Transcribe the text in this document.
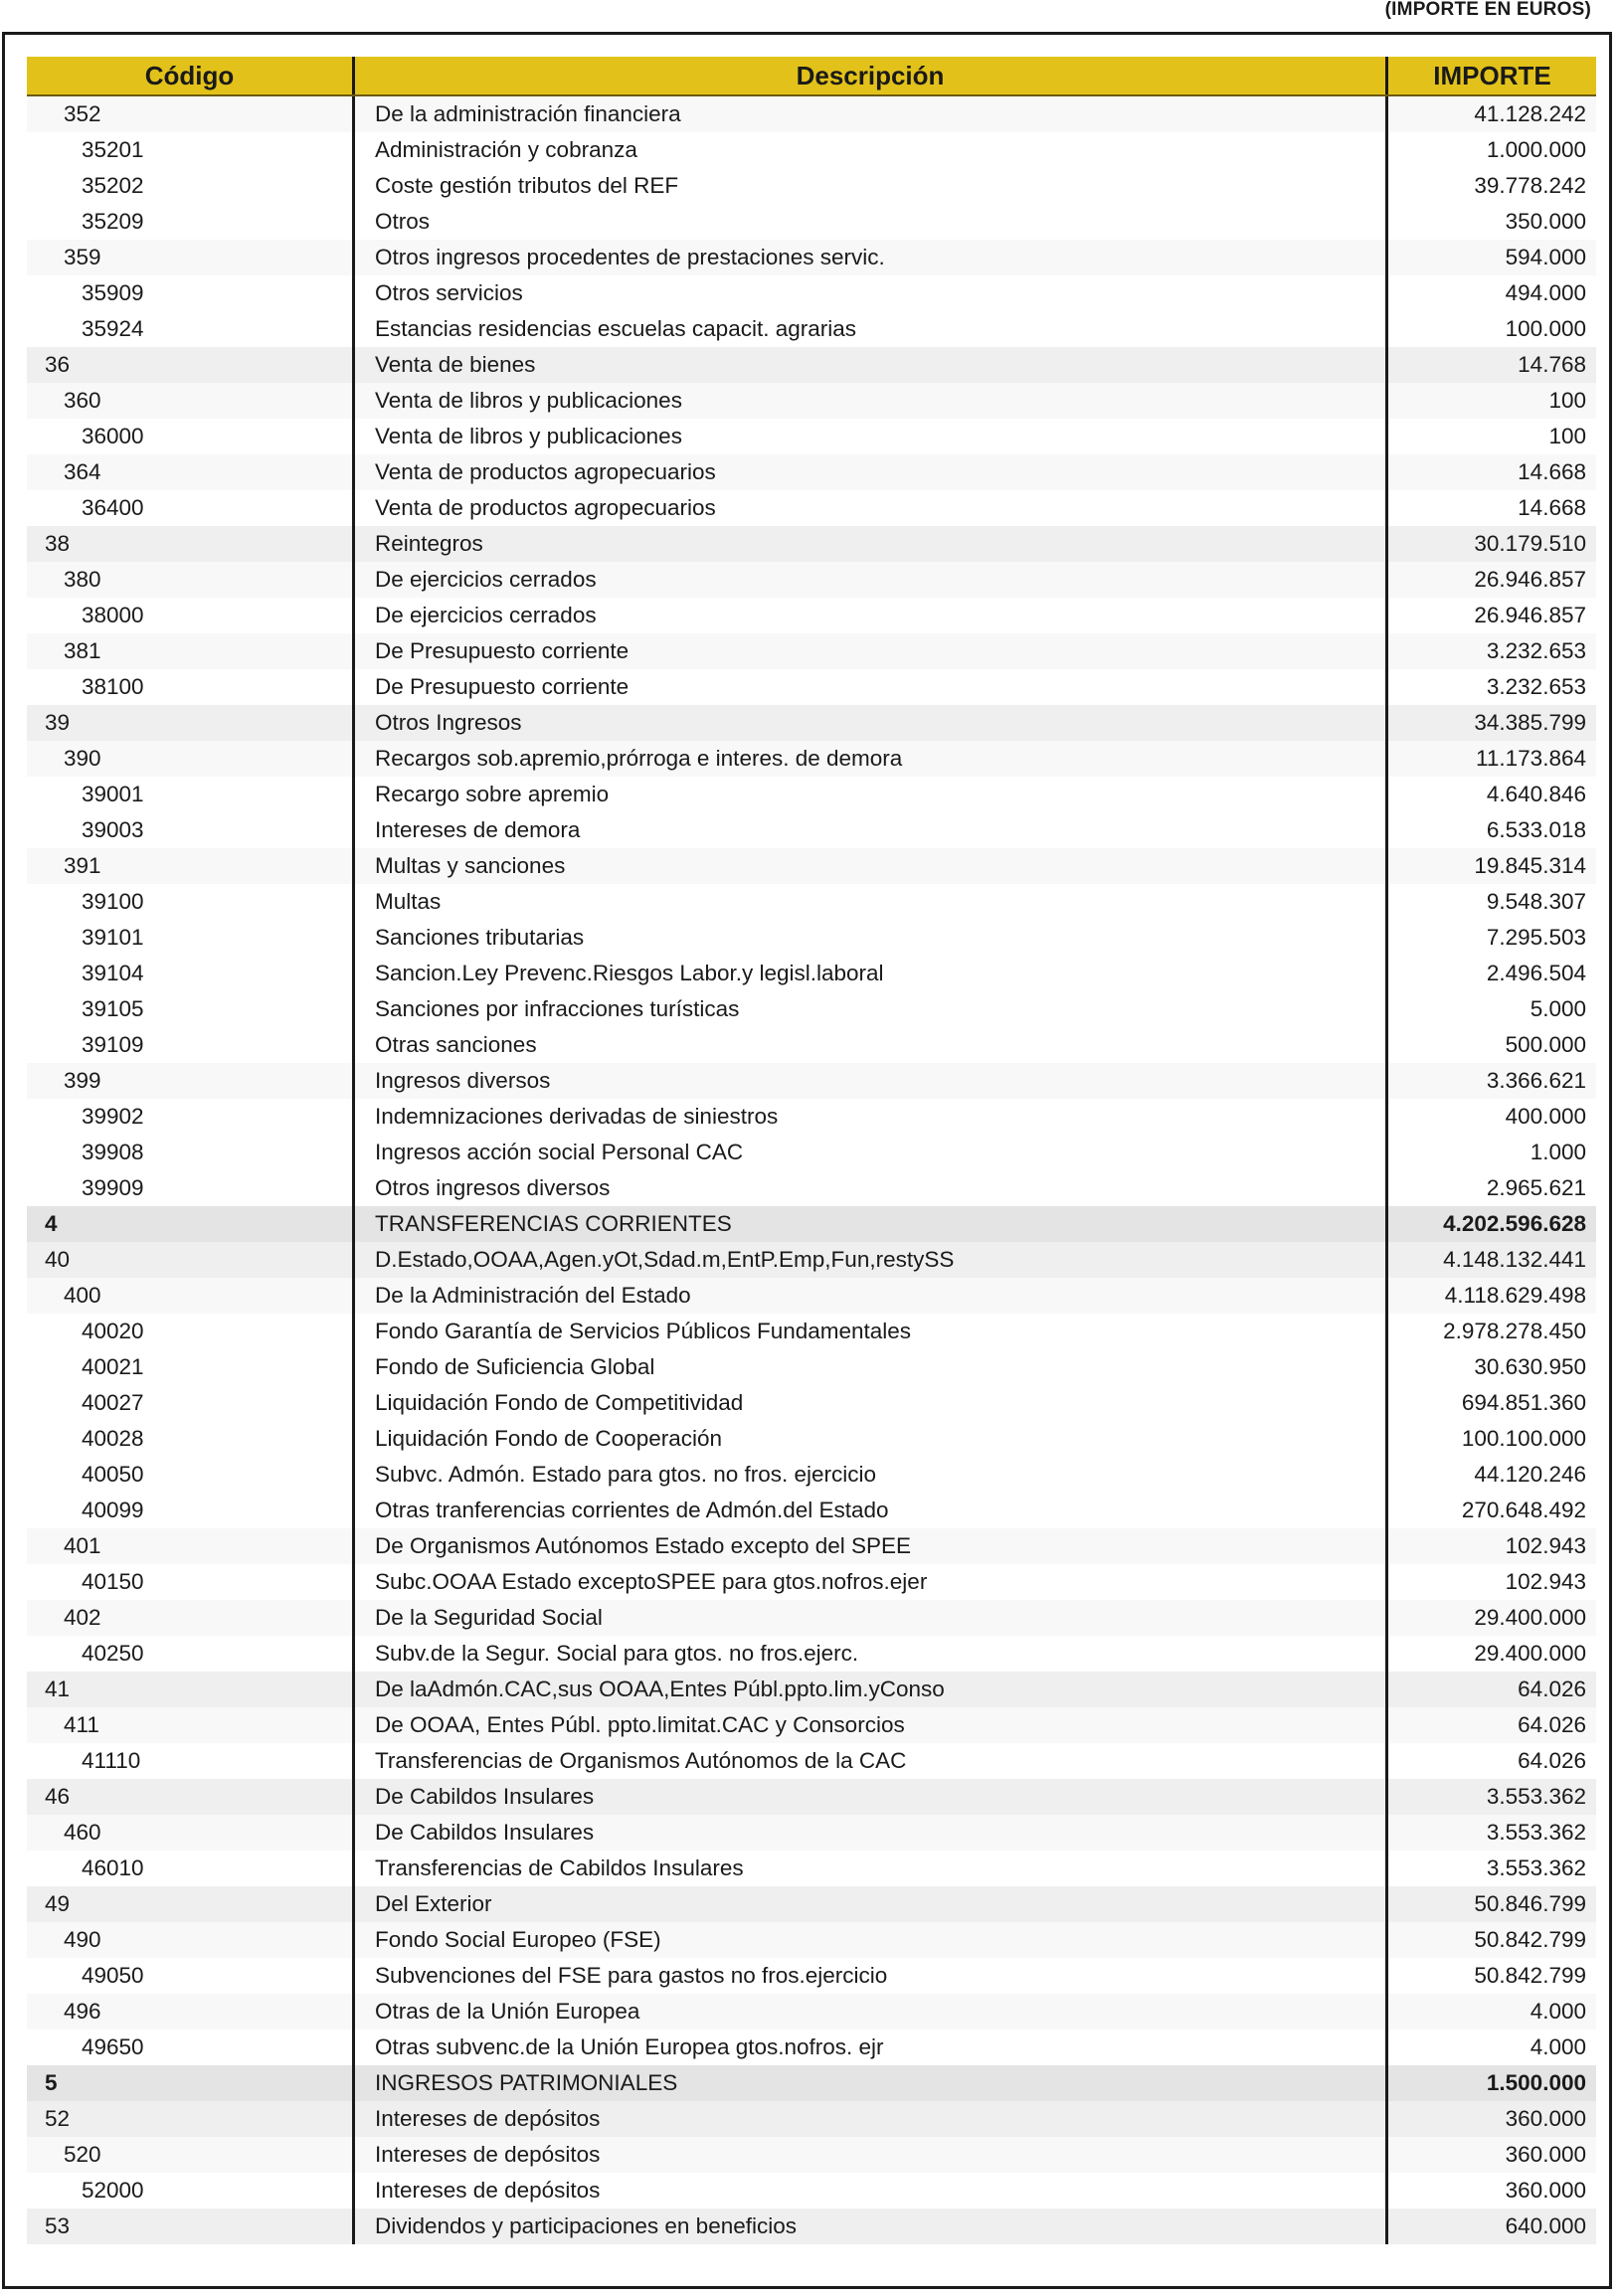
(IMPORTE EN EUROS)
Código	Descripción	IMPORTE
352	De la administración financiera	41.128.242
35201	Administración y cobranza	1.000.000
35202	Coste gestión tributos del REF	39.778.242
35209	Otros	350.000
359	Otros ingresos procedentes de prestaciones servic.	594.000
35909	Otros servicios	494.000
35924	Estancias residencias escuelas capacit. agrarias	100.000
36	Venta de bienes	14.768
360	Venta de libros y publicaciones	100
36000	Venta de libros y publicaciones	100
364	Venta de productos agropecuarios	14.668
36400	Venta de productos agropecuarios	14.668
38	Reintegros	30.179.510
380	De ejercicios cerrados	26.946.857
38000	De ejercicios cerrados	26.946.857
381	De Presupuesto corriente	3.232.653
38100	De Presupuesto corriente	3.232.653
39	Otros Ingresos	34.385.799
390	Recargos sob.apremio,prórroga e interes. de demora	11.173.864
39001	Recargo sobre apremio	4.640.846
39003	Intereses de demora	6.533.018
391	Multas y sanciones	19.845.314
39100	Multas	9.548.307
39101	Sanciones tributarias	7.295.503
39104	Sancion.Ley Prevenc.Riesgos Labor.y legisl.laboral	2.496.504
39105	Sanciones por infracciones turísticas	5.000
39109	Otras sanciones	500.000
399	Ingresos diversos	3.366.621
39902	Indemnizaciones derivadas de siniestros	400.000
39908	Ingresos acción social Personal CAC	1.000
39909	Otros ingresos diversos	2.965.621
4	TRANSFERENCIAS CORRIENTES	4.202.596.628
40	D.Estado,OOAA,Agen.yOt,Sdad.m,EntP.Emp,Fun,restySS	4.148.132.441
400	De la Administración del Estado	4.118.629.498
40020	Fondo Garantía de Servicios Públicos Fundamentales	2.978.278.450
40021	Fondo de Suficiencia Global	30.630.950
40027	Liquidación Fondo de Competitividad	694.851.360
40028	Liquidación Fondo de Cooperación	100.100.000
40050	Subvc. Admón. Estado para gtos. no fros. ejercicio	44.120.246
40099	Otras tranferencias corrientes de Admón.del Estado	270.648.492
401	De Organismos Autónomos Estado excepto del SPEE	102.943
40150	Subc.OOAA Estado exceptoSPEE para gtos.nofros.ejer	102.943
402	De la Seguridad Social	29.400.000
40250	Subv.de la Segur. Social para gtos. no fros.ejerc.	29.400.000
41	De laAdmón.CAC,sus OOAA,Entes Públ.ppto.lim.yConso	64.026
411	De OOAA, Entes Públ. ppto.limitat.CAC y Consorcios	64.026
41110	Transferencias de Organismos Autónomos de la CAC	64.026
46	De Cabildos Insulares	3.553.362
460	De Cabildos Insulares	3.553.362
46010	Transferencias de Cabildos Insulares	3.553.362
49	Del Exterior	50.846.799
490	Fondo Social Europeo (FSE)	50.842.799
49050	Subvenciones del FSE para gastos no fros.ejercicio	50.842.799
496	Otras de la Unión Europea	4.000
49650	Otras subvenc.de la Unión Europea gtos.nofros. ejr	4.000
5	INGRESOS PATRIMONIALES	1.500.000
52	Intereses de depósitos	360.000
520	Intereses de depósitos	360.000
52000	Intereses de depósitos	360.000
53	Dividendos y participaciones en beneficios	640.000
